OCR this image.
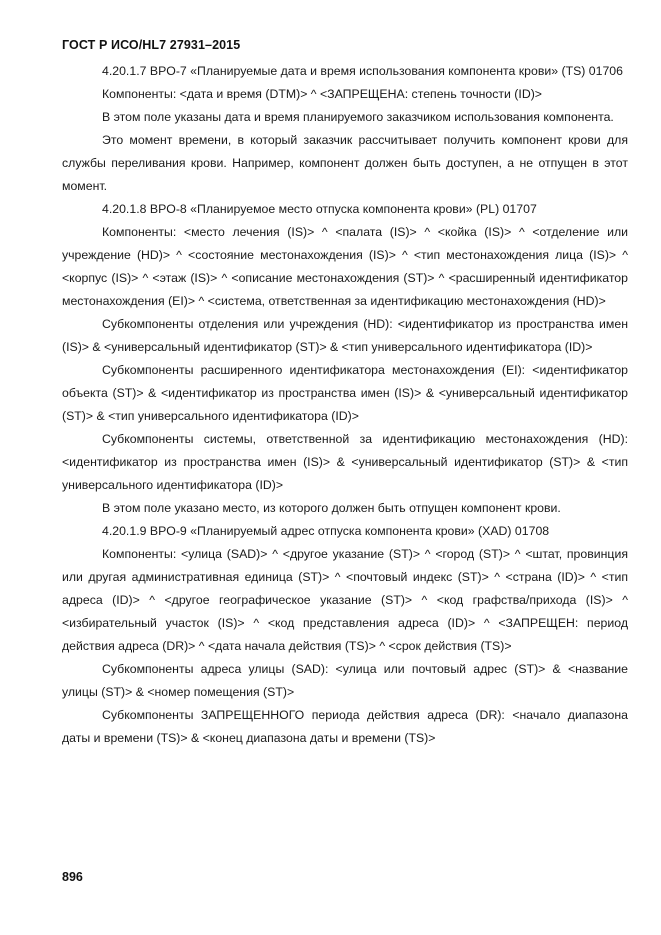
ГОСТ Р ИСО/HL7 27931–2015

4.20.1.7 BPO-7 «Планируемые дата и время использования компонента крови» (TS) 01706

Компоненты: <дата и время (DTM)> ^ <ЗАПРЕЩЕНА: степень точности (ID)>

В этом поле указаны дата и время планируемого заказчиком использования компонента.

Это момент времени, в который заказчик рассчитывает получить компонент крови для службы переливания крови. Например, компонент должен быть доступен, а не отпущен в этот момент.

4.20.1.8 BPO-8 «Планируемое место отпуска компонента крови» (PL) 01707

Компоненты: <место лечения (IS)> ^ <палата (IS)> ^ <койка (IS)> ^ <отделение или учреждение (HD)> ^ <состояние местонахождения (IS)> ^ <тип местонахождения лица (IS)> ^ <корпус (IS)> ^ <этаж (IS)> ^ <описание местонахождения (ST)> ^ <расширенный идентификатор местонахождения (EI)> ^ <система, ответственная за идентификацию местонахождения (HD)>

Субкомпоненты отделения или учреждения (HD): <идентификатор из пространства имен (IS)> & <универсальный идентификатор (ST)> & <тип универсального идентификатора (ID)>

Субкомпоненты расширенного идентификатора местонахождения (EI): <идентификатор объекта (ST)> & <идентификатор из пространства имен (IS)> & <универсальный идентификатор (ST)> & <тип универсального идентификатора (ID)>

Субкомпоненты системы, ответственной за идентификацию местонахождения (HD): <идентификатор из пространства имен (IS)> & <универсальный идентификатор (ST)> & <тип универсального идентификатора (ID)>

В этом поле указано место, из которого должен быть отпущен компонент крови.

4.20.1.9 BPO-9 «Планируемый адрес отпуска компонента крови» (XAD) 01708

Компоненты: <улица (SAD)> ^ <другое указание (ST)> ^ <город (ST)> ^ <штат, провинция или другая административная единица (ST)> ^ <почтовый индекс (ST)> ^ <страна (ID)> ^ <тип адреса (ID)> ^ <другое географическое указание (ST)> ^ <код графства/прихода (IS)> ^ <избирательный участок (IS)> ^ <код представления адреса (ID)> ^ <ЗАПРЕЩЕН: период действия адреса (DR)> ^ <дата начала действия (TS)> ^ <срок действия (TS)>

Субкомпоненты адреса улицы (SAD): <улица или почтовый адрес (ST)> & <название улицы (ST)> & <номер помещения (ST)>

Субкомпоненты ЗАПРЕЩЕННОГО периода действия адреса (DR): <начало диапазона даты и времени (TS)> & <конец диапазона даты и времени (TS)>

896
